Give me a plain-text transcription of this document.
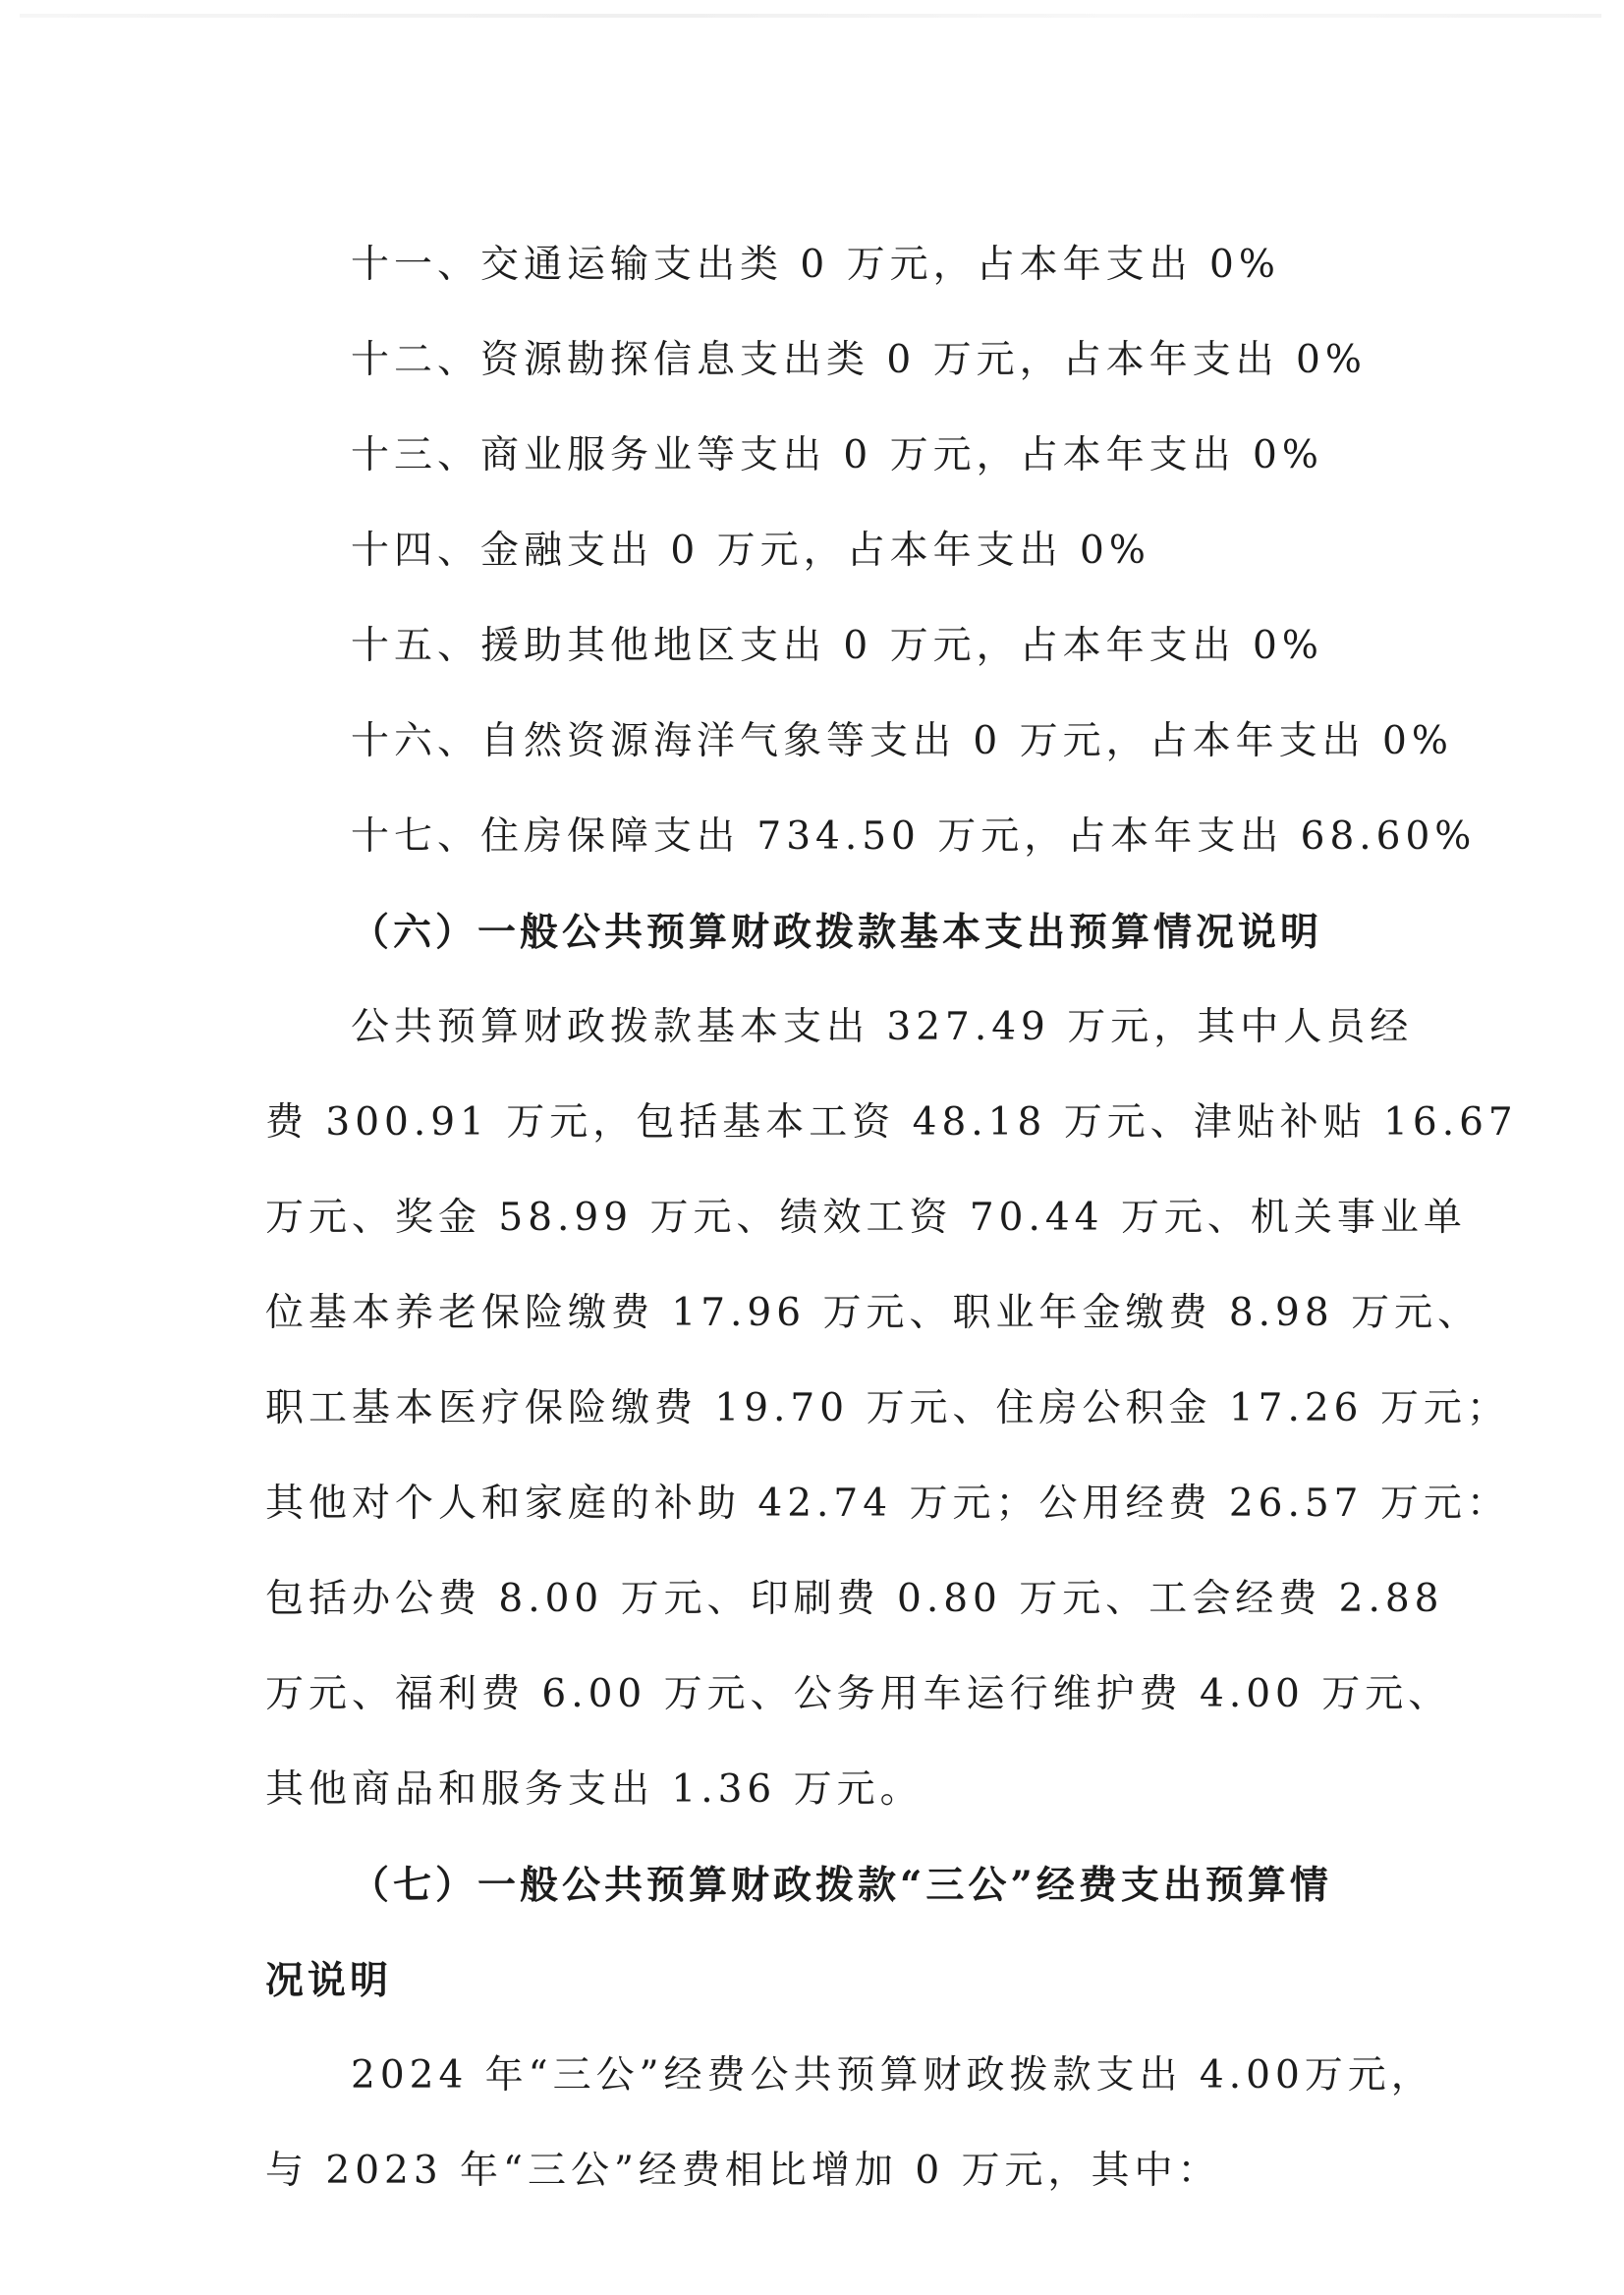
十一、交通运输支出类 0 万元，占本年支出 0%
十二、资源勘探信息支出类 0 万元，占本年支出 0%
十三、商业服务业等支出 0 万元，占本年支出 0%
十四、金融支出 0 万元，占本年支出 0%
十五、援助其他地区支出 0 万元，占本年支出 0%
十六、自然资源海洋气象等支出 0 万元，占本年支出 0%
十七、住房保障支出 734.50 万元，占本年支出 68.60%
（六）一般公共预算财政拨款基本支出预算情况说明
公共预算财政拨款基本支出 327.49 万元，其中人员经
费 300.91 万元，包括基本工资 48.18 万元、津贴补贴 16.67
万元、奖金 58.99 万元、绩效工资 70.44 万元、机关事业单
位基本养老保险缴费 17.96 万元、职业年金缴费 8.98 万元、
职工基本医疗保险缴费 19.70 万元、住房公积金 17.26 万元；
其他对个人和家庭的补助 42.74 万元；公用经费 26.57 万元：
包括办公费 8.00 万元、印刷费 0.80 万元、工会经费 2.88
万元、福利费 6.00 万元、公务用车运行维护费 4.00 万元、
其他商品和服务支出 1.36 万元。
（七）一般公共预算财政拨款“三公”经费支出预算情
况说明
2024 年“三公”经费公共预算财政拨款支出 4.00万元，
与 2023 年“三公”经费相比增加 0 万元，其中：
